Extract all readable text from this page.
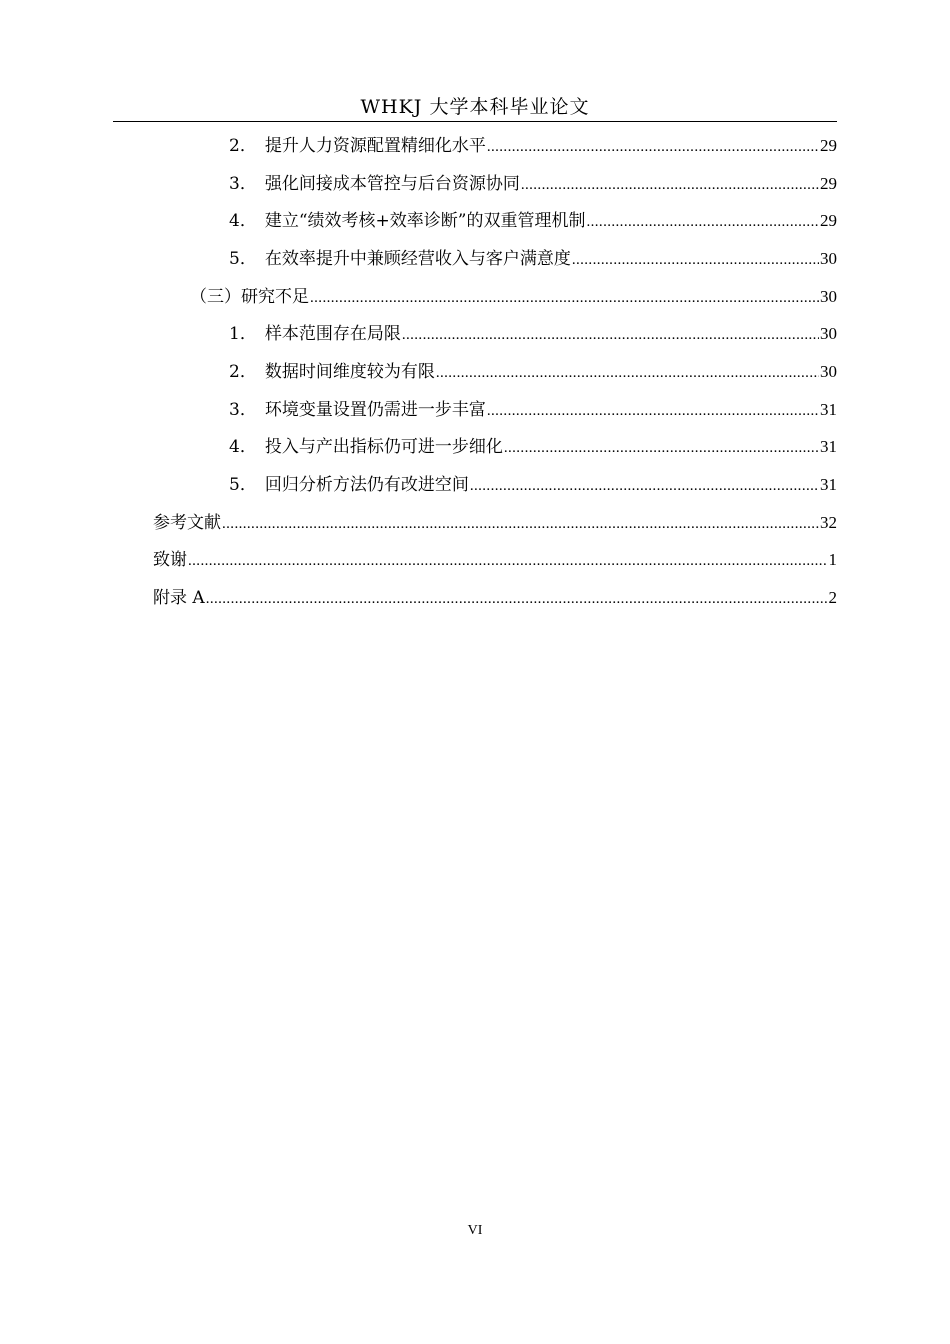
WHKJ 大学本科毕业论文
2． 提升人力资源配置精细化水平 .....	29
3． 强化间接成本管控与后台资源协同 .....	29
4． 建立“绩效考核+效率诊断”的双重管理机制 .....	29
5． 在效率提升中兼顾经营收入与客户满意度 .....	30
（三）研究不足 .....	30
1． 样本范围存在局限 .....	30
2． 数据时间维度较为有限 .....	30
3． 环境变量设置仍需进一步丰富 .....	31
4． 投入与产出指标仍可进一步细化 .....	31
5． 回归分析方法仍有改进空间 .....	31
参考文献 .....	32
致谢 .....	1
附录 A .....	2
VI
